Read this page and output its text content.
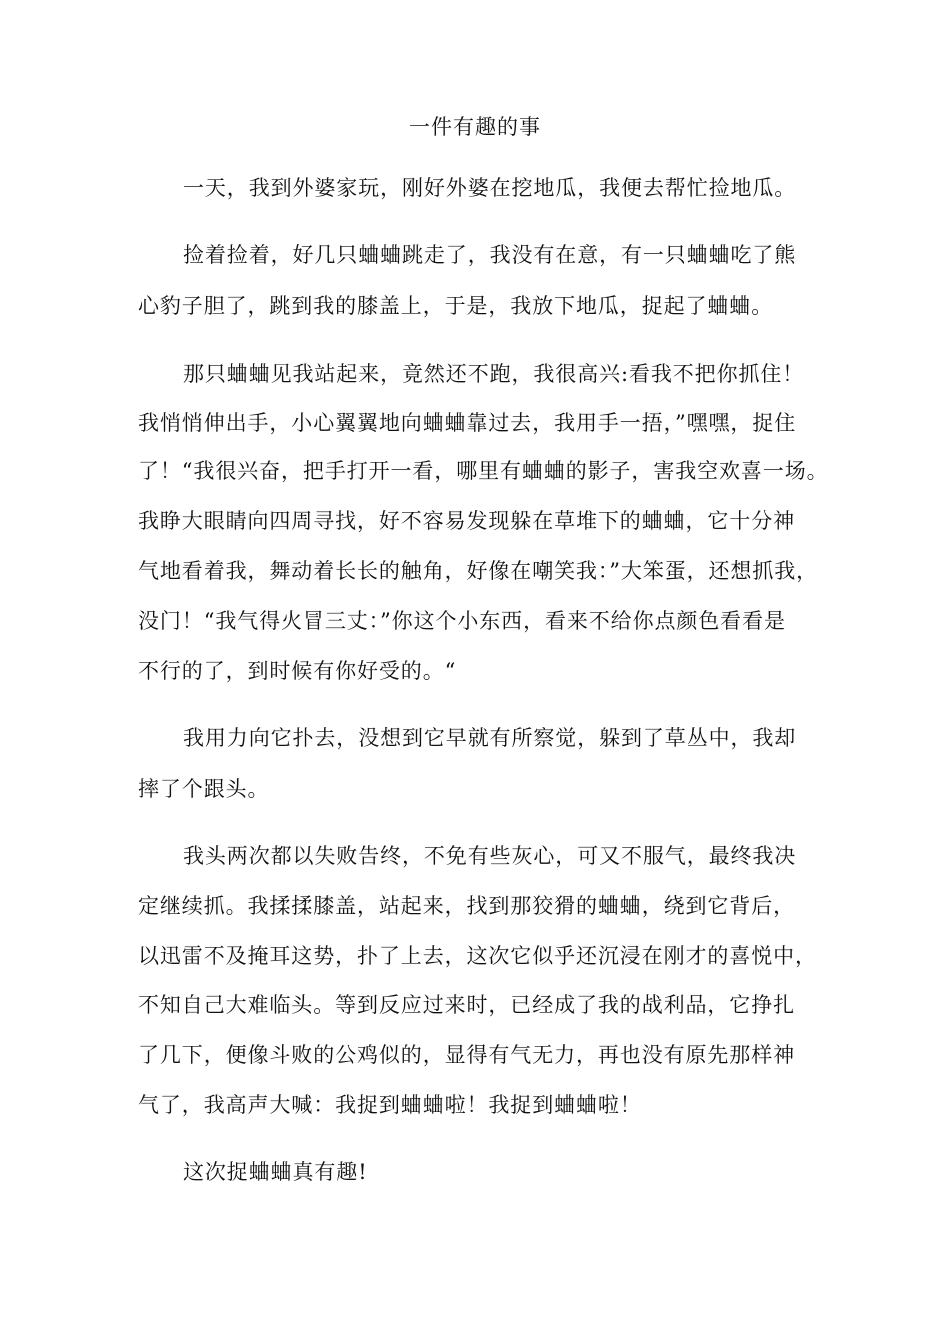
一件有趣的事
一天，我到外婆家玩，刚好外婆在挖地瓜，我便去帮忙捡地瓜。
捡着捡着，好几只蛐蛐跳走了，我没有在意，有一只蛐蛐吃了熊
心豹子胆了，跳到我的膝盖上，于是，我放下地瓜，捉起了蛐蛐。
那只蛐蛐见我站起来，竟然还不跑，我很高兴:看我不把你抓住！
我悄悄伸出手，小心翼翼地向蛐蛐靠过去，我用手一捂，”嘿嘿，捉住
了！“我很兴奋，把手打开一看，哪里有蛐蛐的影子，害我空欢喜一场。
我睁大眼睛向四周寻找，好不容易发现躲在草堆下的蛐蛐，它十分神
气地看着我，舞动着长长的触角，好像在嘲笑我：”大笨蛋，还想抓我，
没门！“我气得火冒三丈：”你这个小东西，看来不给你点颜色看看是
不行的了，到时候有你好受的。“
我用力向它扑去，没想到它早就有所察觉，躲到了草丛中，我却
摔了个跟头。
我头两次都以失败告终，不免有些灰心，可又不服气，最终我决
定继续抓。我揉揉膝盖，站起来，找到那狡猾的蛐蛐，绕到它背后，
以迅雷不及掩耳这势，扑了上去，这次它似乎还沉浸在刚才的喜悦中，
不知自己大难临头。等到反应过来时，已经成了我的战利品，它挣扎
了几下，便像斗败的公鸡似的，显得有气无力，再也没有原先那样神
气了，我高声大喊：我捉到蛐蛐啦！我捉到蛐蛐啦！
这次捉蛐蛐真有趣!
